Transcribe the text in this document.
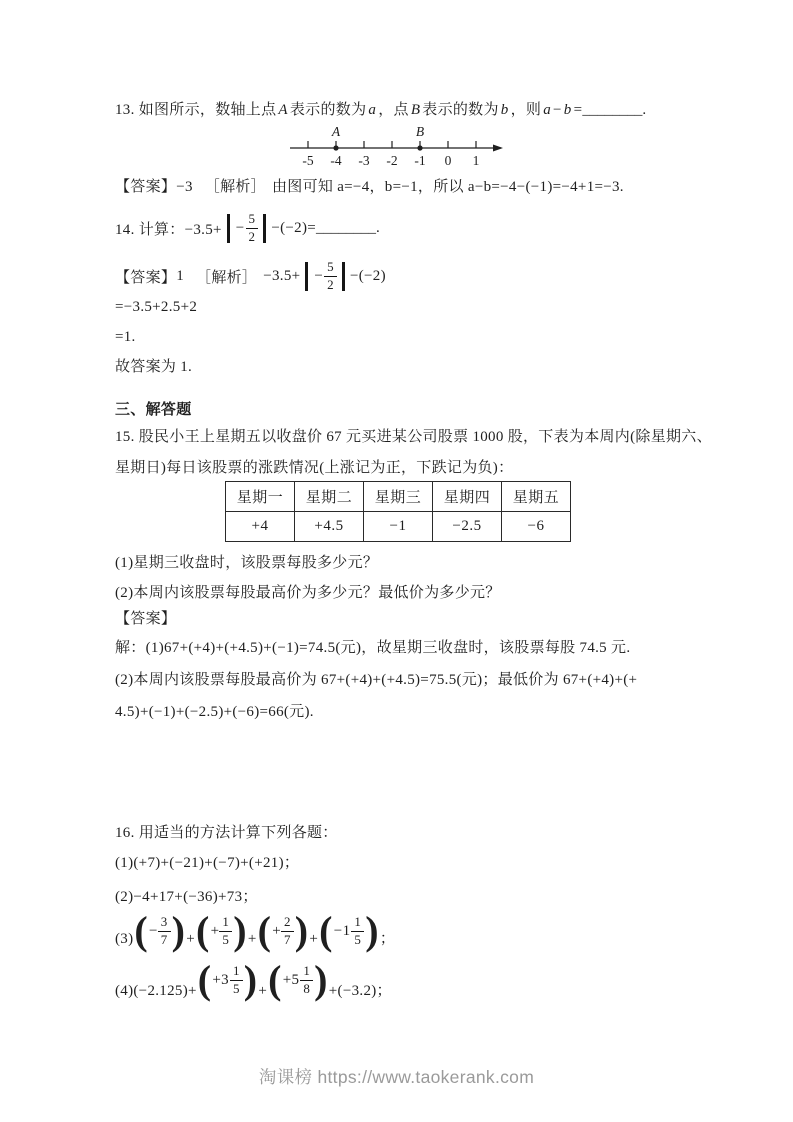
13. 如图所示，数轴上点 A 表示的数为 a ，点 B 表示的数为 b ，则 a − b =________.

A	B
-5 -4 -3 -2 -1 0 1

【答案】−3 ［解析］ 由图可知 a=−4，b=−1，所以 a−b=−4−(−1)=−4+1=−3.

14. 计算：$-3.5+ - \frac{5}{2} -(-2)=$ ________ .
【答案】 1 ［解析］ $-3.5+ - \frac{5}{2} -(-2)$

=−3.5+2.5+2

=1.

故答案为 1.

三、解答题

15. 股民小王上星期五以收盘价 67 元买进某公司股票 1000 股，下表为本周内(除星期六、

星期日)每日该股票的涨跌情况(上涨记为正，下跌记为负)：

星期一	星期二	星期三	星期四	星期五
+4	+4.5	−1	−2.5	−6

(1)星期三收盘时，该股票每股多少元？

(2)本周内该股票每股最高价为多少元？最低价为多少元？

【答案】

解：(1)67+(+4)+(+4.5)+(−1)=74.5(元)，故星期三收盘时，该股票每股 74.5 元.

(2)本周内该股票每股最高价为 67+(+4)+(+4.5)=75.5(元)；最低价为 67+(+4)+(+

4.5)+(−1)+(−2.5)+(−6)=66(元).

16. 用适当的方法计算下列各题：

(1)(+7)+(−21)+(−7)+(+21)；

(2)−4+17+(−36)+73；

(3) ( − $\frac{3}{7}$ ) + ( + $\frac{1}{5}$ ) + ( + $\frac{2}{7}$ ) + ( − $1 \frac{1}{5}$ ) ；
(4) (−2.125)+ ( + $3 \frac{1}{5}$ ) + ( + $5 \frac{1}{8}$ ) +(−3.2)；
淘课榜 https://www.taokerank.com
